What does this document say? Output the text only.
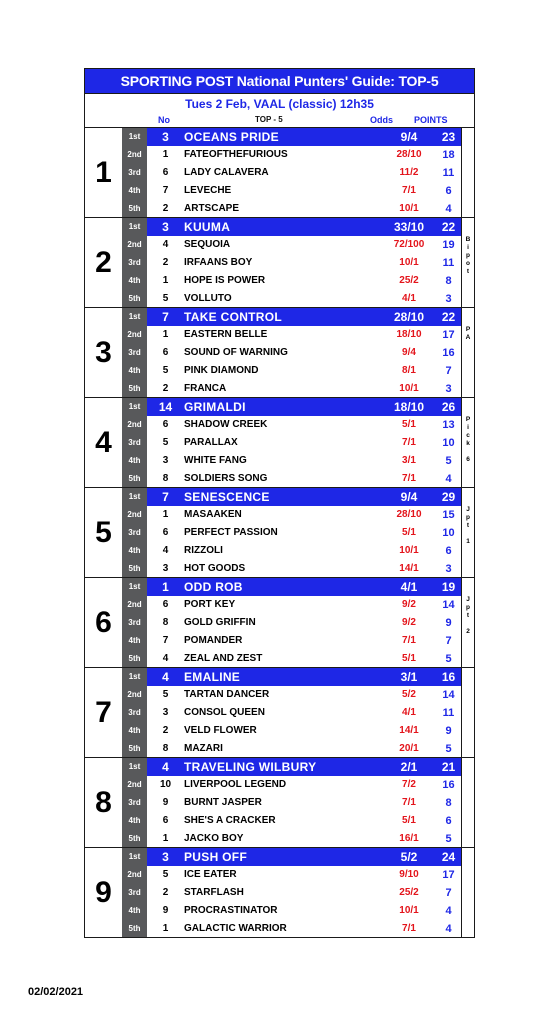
SPORTING POST National Punters' Guide: TOP-5
Tues 2 Feb, VAAL (classic) 12h35
No	TOP - 5	Odds POINTS
1
1st	3	OCEANS PRIDE	9/4	23
2nd	1	FATEOFTHEFURIOUS	28/10	18
3rd	6	LADY CALAVERA	11/2	11
4th	7	LEVECHE	7/1	6
5th	2	ARTSCAPE	10/1	4
2
1st	3	KUUMA	33/10	22
2nd	4	SEQUOIA	72/100	19
3rd	2	IRFAANS BOY	10/1	11
4th	1	HOPE IS POWER	25/2	8
5th	5	VOLLUTO	4/1	3
B
i
p
o
t
3
1st	7	TAKE CONTROL	28/10	22
2nd	1	EASTERN BELLE	18/10	17
3rd	6	SOUND OF WARNING	9/4	16
4th	5	PINK DIAMOND	8/1	7
5th	2	FRANCA	10/1	3
P
A
4
1st	14 GRIMALDI	18/10	26
2nd	6	SHADOW CREEK	5/1	13
3rd	5	PARALLAX	7/1	10
4th	3	WHITE FANG	3/1	5
5th	8	SOLDIERS SONG	7/1	4
P
i
c
k

6
5
1st	7	SENESCENCE	9/4	29
2nd	1	MASAAKEN	28/10	15
3rd	6	PERFECT PASSION	5/1	10
4th	4	RIZZOLI	10/1	6
5th	3	HOT GOODS	14/1	3
J
p
t

1
6
1st	1	ODD ROB	4/1	19
2nd	6	PORT KEY	9/2	14
3rd	8	GOLD GRIFFIN	9/2	9
4th	7	POMANDER	7/1	7
5th	4	ZEAL AND ZEST	5/1	5
J
p
t

2
7
1st	4	EMALINE	3/1	16
2nd	5	TARTAN DANCER	5/2	14
3rd	3	CONSOL QUEEN	4/1	11
4th	2	VELD FLOWER	14/1	9
5th	8	MAZARI	20/1	5
8
1st	4	TRAVELING WILBURY	2/1	21
2nd	10	LIVERPOOL LEGEND	7/2	16
3rd	9	BURNT JASPER	7/1	8
4th	6	SHE'S A CRACKER	5/1	6
5th	1	JACKO BOY	16/1	5
9
1st	3	PUSH OFF	5/2	24
2nd	5	ICE EATER	9/10	17
3rd	2	STARFLASH	25/2	7
4th	9	PROCRASTINATOR	10/1	4
5th	1	GALACTIC WARRIOR	7/1	4
02/02/2021
